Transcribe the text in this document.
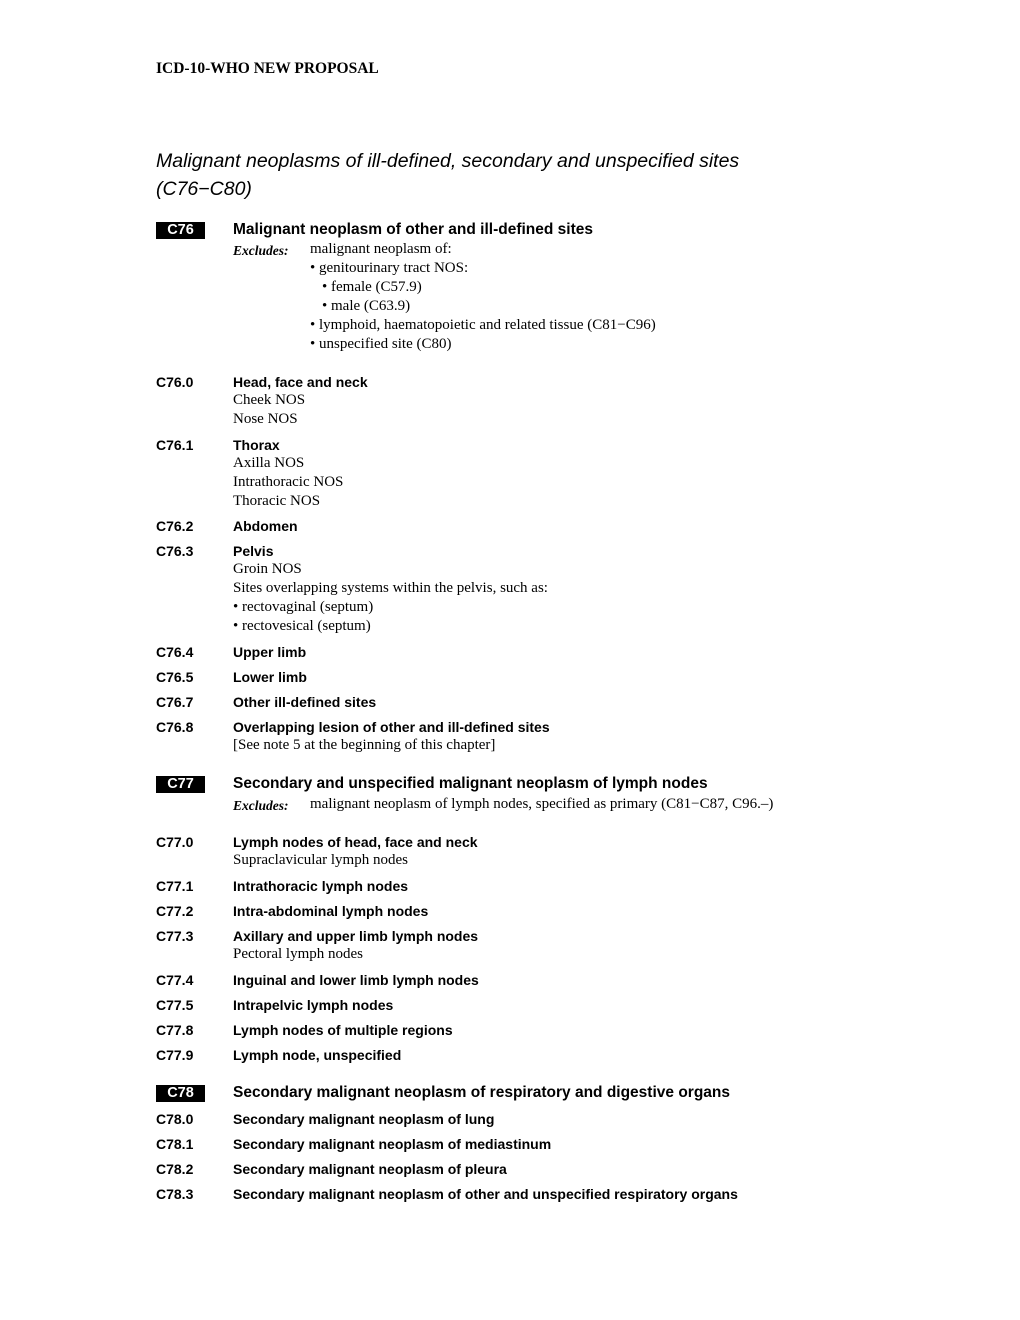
ICD-10-WHO NEW PROPOSAL
Malignant neoplasms of ill-defined, secondary and unspecified sites
(C76−C80)
C76	Malignant neoplasm of other and ill-defined sites
Excludes: malignant neoplasm of:
• genitourinary tract NOS:
• female (C57.9)
• male (C63.9)
• lymphoid, haematopoietic and related tissue (C81−C96)
• unspecified site (C80)
C76.0	Head, face and neck
Cheek NOS
Nose NOS
C76.1	Thorax
Axilla NOS
Intrathoracic NOS
Thoracic NOS
C76.2	Abdomen
C76.3	Pelvis
Groin NOS
Sites overlapping systems within the pelvis, such as:
• rectovaginal (septum)
• rectovesical (septum)
C76.4	Upper limb
C76.5	Lower limb
C76.7	Other ill-defined sites
C76.8	Overlapping lesion of other and ill-defined sites
[See note 5 at the beginning of this chapter]
C77	Secondary and unspecified malignant neoplasm of lymph nodes
Excludes: malignant neoplasm of lymph nodes, specified as primary (C81−C87, C96.–)
C77.0	Lymph nodes of head, face and neck
Supraclavicular lymph nodes
C77.1	Intrathoracic lymph nodes
C77.2	Intra-abdominal lymph nodes
C77.3	Axillary and upper limb lymph nodes
Pectoral lymph nodes
C77.4	Inguinal and lower limb lymph nodes
C77.5	Intrapelvic lymph nodes
C77.8	Lymph nodes of multiple regions
C77.9	Lymph node, unspecified
C78	Secondary malignant neoplasm of respiratory and digestive organs
C78.0	Secondary malignant neoplasm of lung
C78.1	Secondary malignant neoplasm of mediastinum
C78.2	Secondary malignant neoplasm of pleura
C78.3	Secondary malignant neoplasm of other and unspecified respiratory organs
